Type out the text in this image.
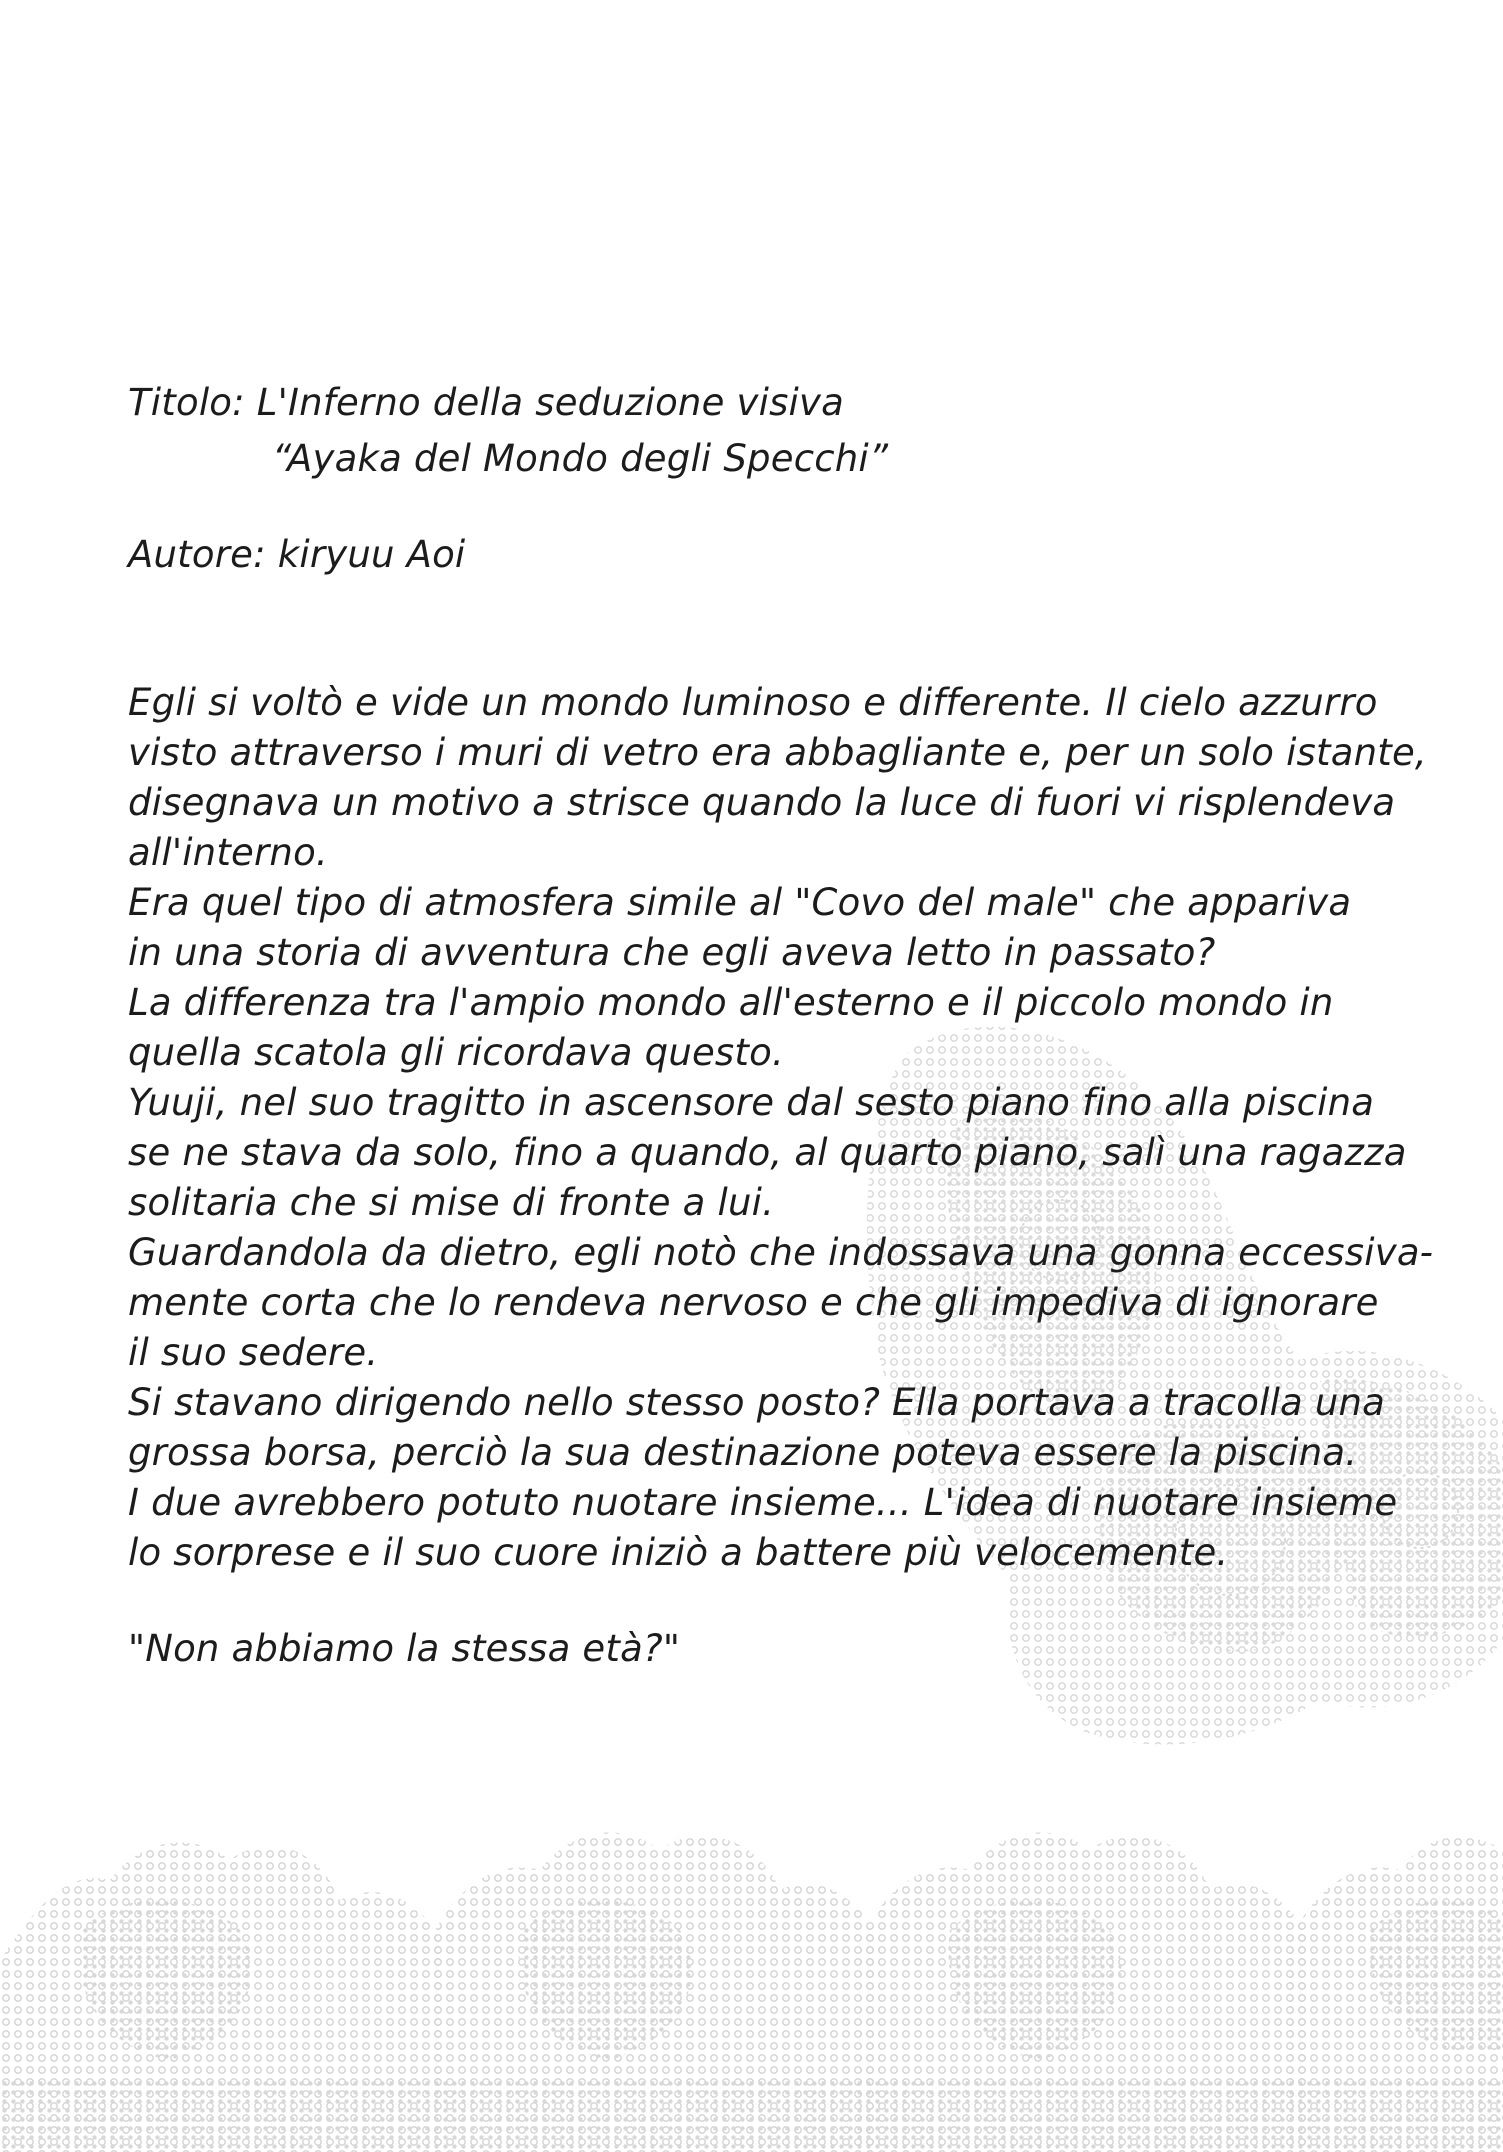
Titolo: L'Inferno della seduzione visiva
“Ayaka del Mondo degli Specchi”
Autore: kiryuu Aoi
Egli si voltò e vide un mondo luminoso e differente. Il cielo azzurro
visto attraverso i muri di vetro era abbagliante e, per un solo istante,
disegnava un motivo a strisce quando la luce di fuori vi risplendeva
all'interno.
Era quel tipo di atmosfera simile al "Covo del male" che appariva
in una storia di avventura che egli aveva letto in passato?
La differenza tra l'ampio mondo all'esterno e il piccolo mondo in
quella scatola gli ricordava questo.
Yuuji, nel suo tragitto in ascensore dal sesto piano fino alla piscina
se ne stava da solo, fino a quando, al quarto piano, salì una ragazza
solitaria che si mise di fronte a lui.
Guardandola da dietro, egli notò che indossava una gonna eccessiva-
mente corta che lo rendeva nervoso e che gli impediva di ignorare
il suo sedere.
Si stavano dirigendo nello stesso posto? Ella portava a tracolla una
grossa borsa, perciò la sua destinazione poteva essere la piscina.
I due avrebbero potuto nuotare insieme... L'idea di nuotare insieme
lo sorprese e il suo cuore iniziò a battere più velocemente.
"Non abbiamo la stessa età?"
